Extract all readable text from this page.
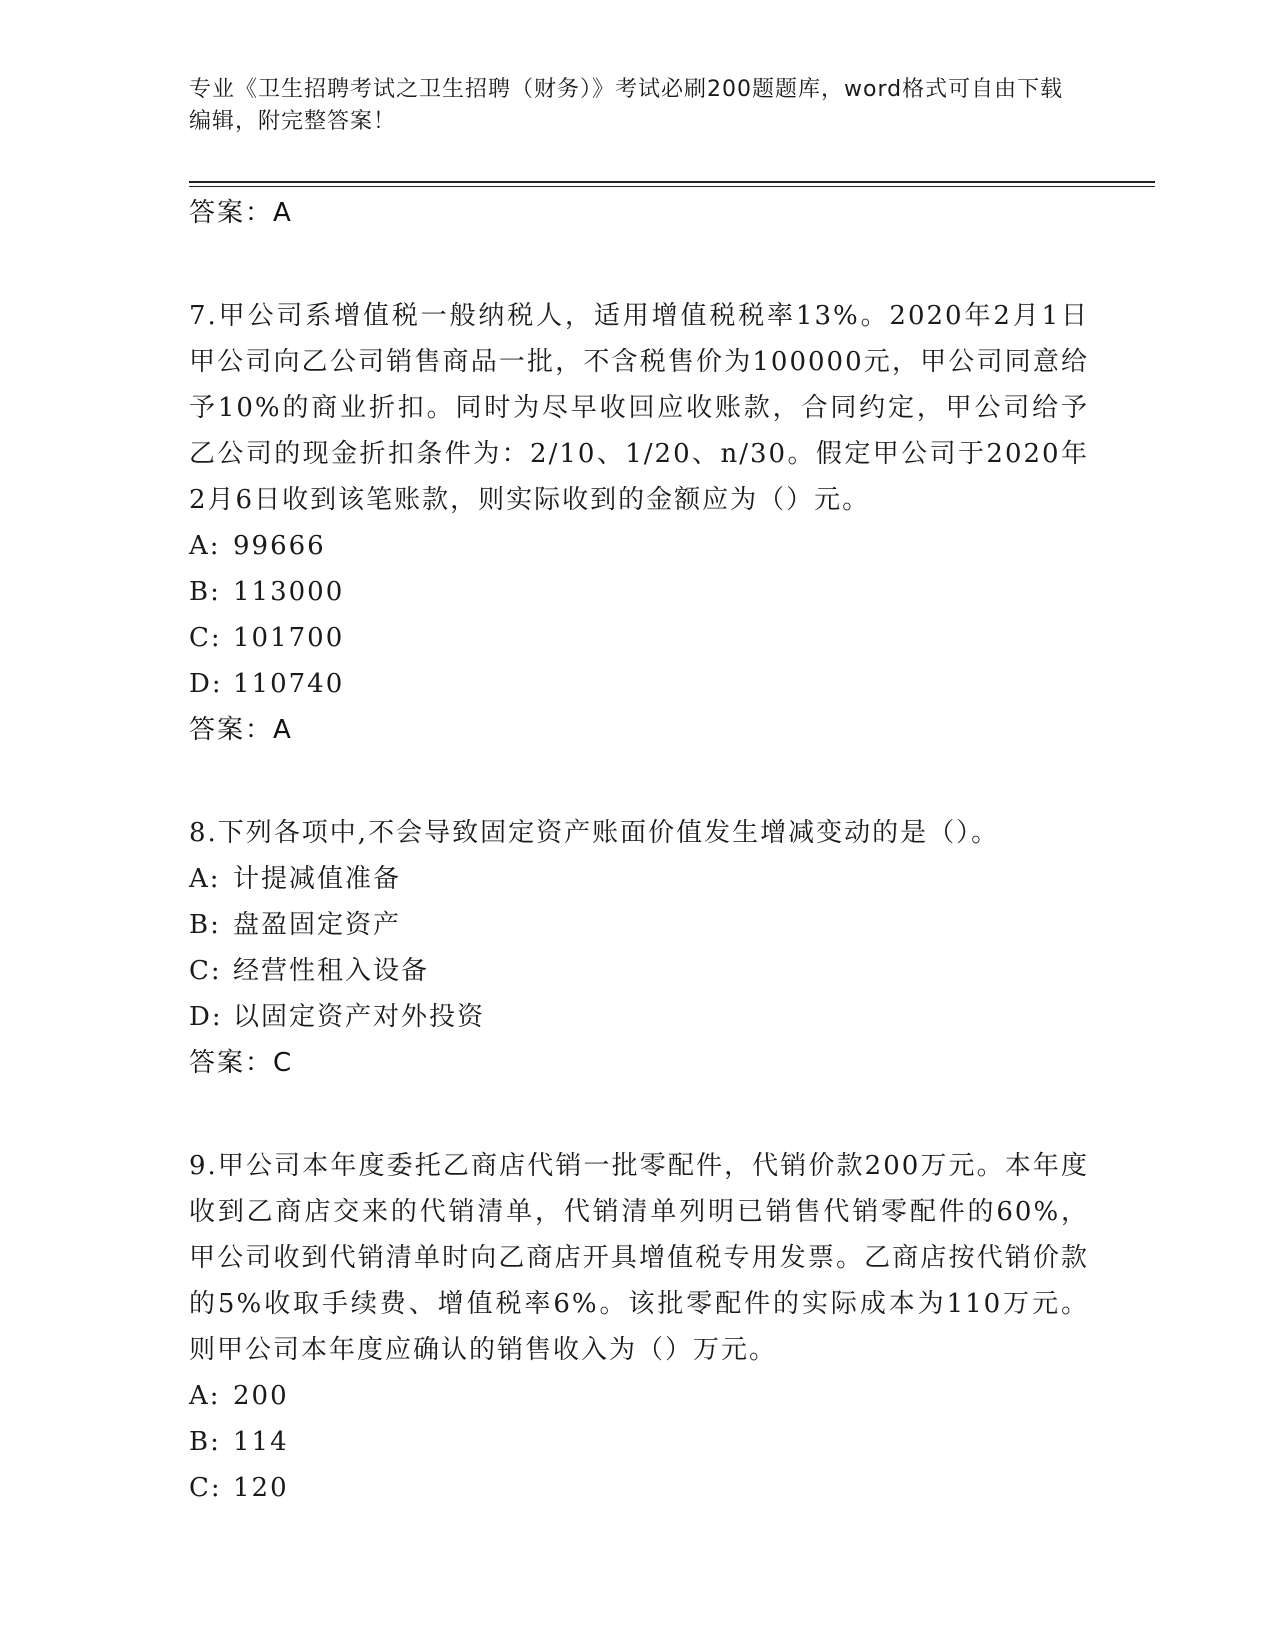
专业《卫生招聘考试之卫生招聘（财务）》考试必刷200题题库，word格式可自由下载编辑，附完整答案！
答案：A
7.甲公司系增值税一般纳税人，适用增值税税率13%。2020年2月1日甲公司向乙公司销售商品一批，不含税售价为100000元，甲公司同意给予10%的商业折扣。同时为尽早收回应收账款，合同约定，甲公司给予乙公司的现金折扣条件为：2/10、1/20、n/30。假定甲公司于2020年2月6日收到该笔账款，则实际收到的金额应为（）元。
A: 99666
B: 113000
C: 101700
D: 110740
答案：A
8.下列各项中,不会导致固定资产账面价值发生增减变动的是（）。
A: 计提减值准备
B: 盘盈固定资产
C: 经营性租入设备
D: 以固定资产对外投资
答案：C
9.甲公司本年度委托乙商店代销一批零配件，代销价款200万元。本年度收到乙商店交来的代销清单，代销清单列明已销售代销零配件的60%，甲公司收到代销清单时向乙商店开具增值税专用发票。乙商店按代销价款的5%收取手续费、增值税率6%。该批零配件的实际成本为110万元。则甲公司本年度应确认的销售收入为（）万元。
A: 200
B: 114
C: 120
